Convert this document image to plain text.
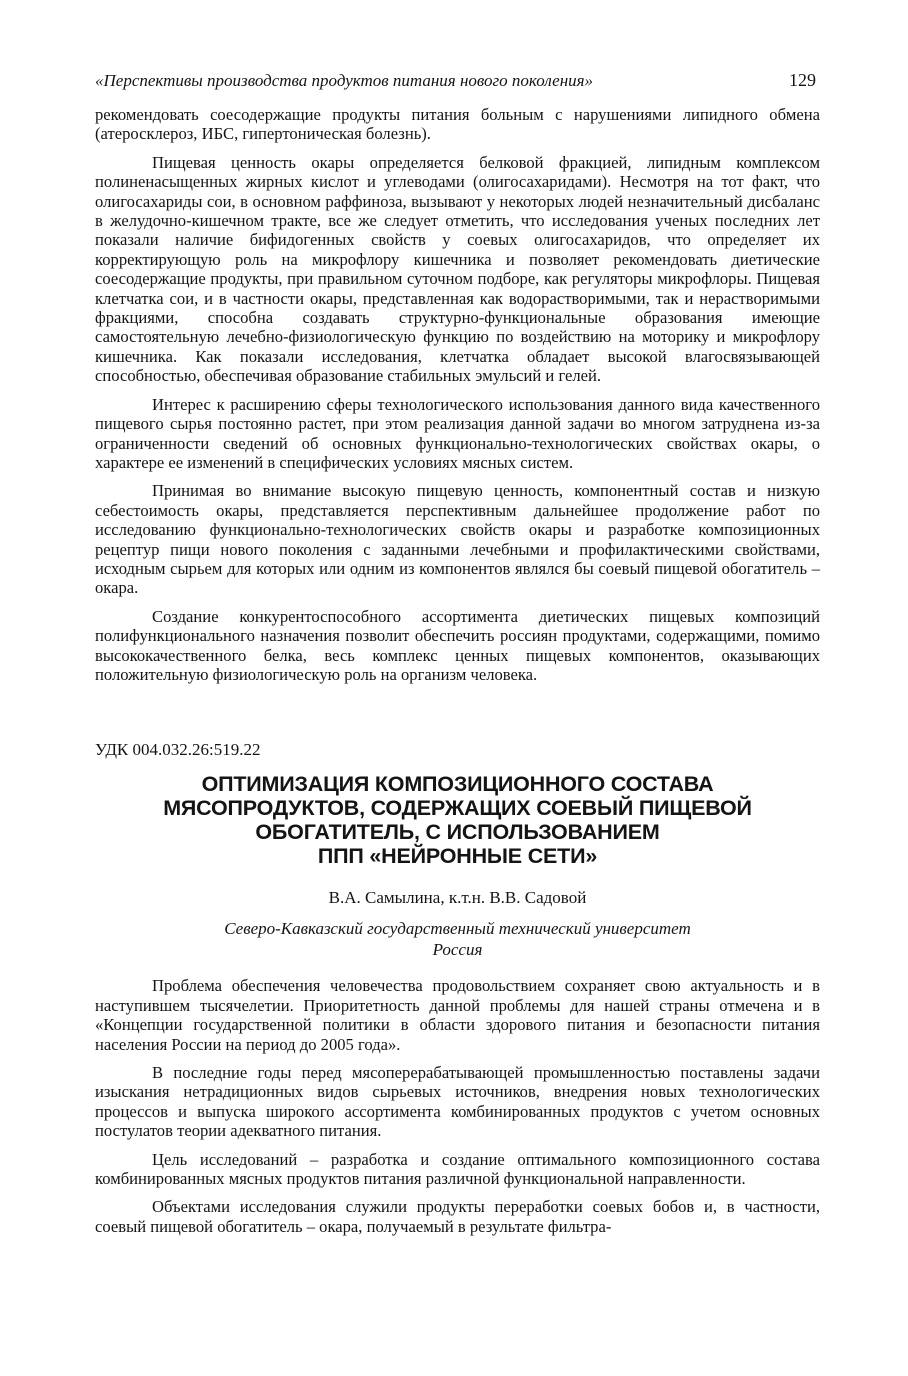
«Перспективы производства продуктов питания нового поколения»	129

рекомендовать соесодержащие продукты питания больным с нарушениями липидного обмена (атеросклероз, ИБС, гипертоническая болезнь).

Пищевая ценность окары определяется белковой фракцией, липидным комплексом полиненасыщенных жирных кислот и углеводами (олигосахаридами). Несмотря на тот факт, что олигосахариды сои, в основном раффиноза, вызывают у некоторых людей незначительный дисбаланс в желудочно-кишечном тракте, все же следует отметить, что исследования ученых последних лет показали наличие бифидогенных свойств у соевых олигосахаридов, что определяет их корректирующую роль на микрофлору кишечника и позволяет рекомендовать диетические соесодержащие продукты, при правильном суточном подборе, как регуляторы микрофлоры. Пищевая клетчатка сои, и в частности окары, представленная как водорастворимыми, так и нерастворимыми фракциями, способна создавать структурно-функциональные образования имеющие самостоятельную лечебно-физиологическую функцию по воздействию на моторику и микрофлору кишечника. Как показали исследования, клетчатка обладает высокой влагосвязывающей способностью, обеспечивая образование стабильных эмульсий и гелей.

Интерес к расширению сферы технологического использования данного вида качественного пищевого сырья постоянно растет, при этом реализация данной задачи во многом затруднена из-за ограниченности сведений об основных функционально-технологических свойствах окары, о характере ее изменений в специфических условиях мясных систем.

Принимая во внимание высокую пищевую ценность, компонентный состав и низкую себестоимость окары, представляется перспективным дальнейшее продолжение работ по исследованию функционально-технологических свойств окары и разработке композиционных рецептур пищи нового поколения с заданными лечебными и профилактическими свойствами, исходным сырьем для которых или одним из компонентов являлся бы соевый пищевой обогатитель – окара.

Создание конкурентоспособного ассортимента диетических пищевых композиций полифункционального назначения позволит обеспечить россиян продуктами, содержащими, помимо высококачественного белка, весь комплекс ценных пищевых компонентов, оказывающих положительную физиологическую роль на организм человека.

УДК 004.032.26:519.22
ОПТИМИЗАЦИЯ КОМПОЗИЦИОННОГО СОСТАВА
МЯСОПРОДУКТОВ, СОДЕРЖАЩИХ СОЕВЫЙ ПИЩЕВОЙ
ОБОГАТИТЕЛЬ, С ИСПОЛЬЗОВАНИЕМ
ППП «НЕЙРОННЫЕ СЕТИ»
В.А. Самылина, к.т.н. В.В. Садовой
Северо-Кавказский государственный технический университет
Россия

Проблема обеспечения человечества продовольствием сохраняет свою актуальность и в наступившем тысячелетии. Приоритетность данной проблемы для нашей страны отмечена и в «Концепции государственной политики в области здорового питания и безопасности питания населения России на период до 2005 года».

В последние годы перед мясоперерабатывающей промышленностью поставлены задачи изыскания нетрадиционных видов сырьевых источников, внедрения новых технологических процессов и выпуска широкого ассортимента комбинированных продуктов с учетом основных постулатов теории адекватного питания.

Цель исследований – разработка и создание оптимального композиционного состава комбинированных мясных продуктов питания различной функциональной направленности.

Объектами исследования служили продукты переработки соевых бобов и, в частности, соевый пищевой обогатитель – окара, получаемый в результате фильтра-
